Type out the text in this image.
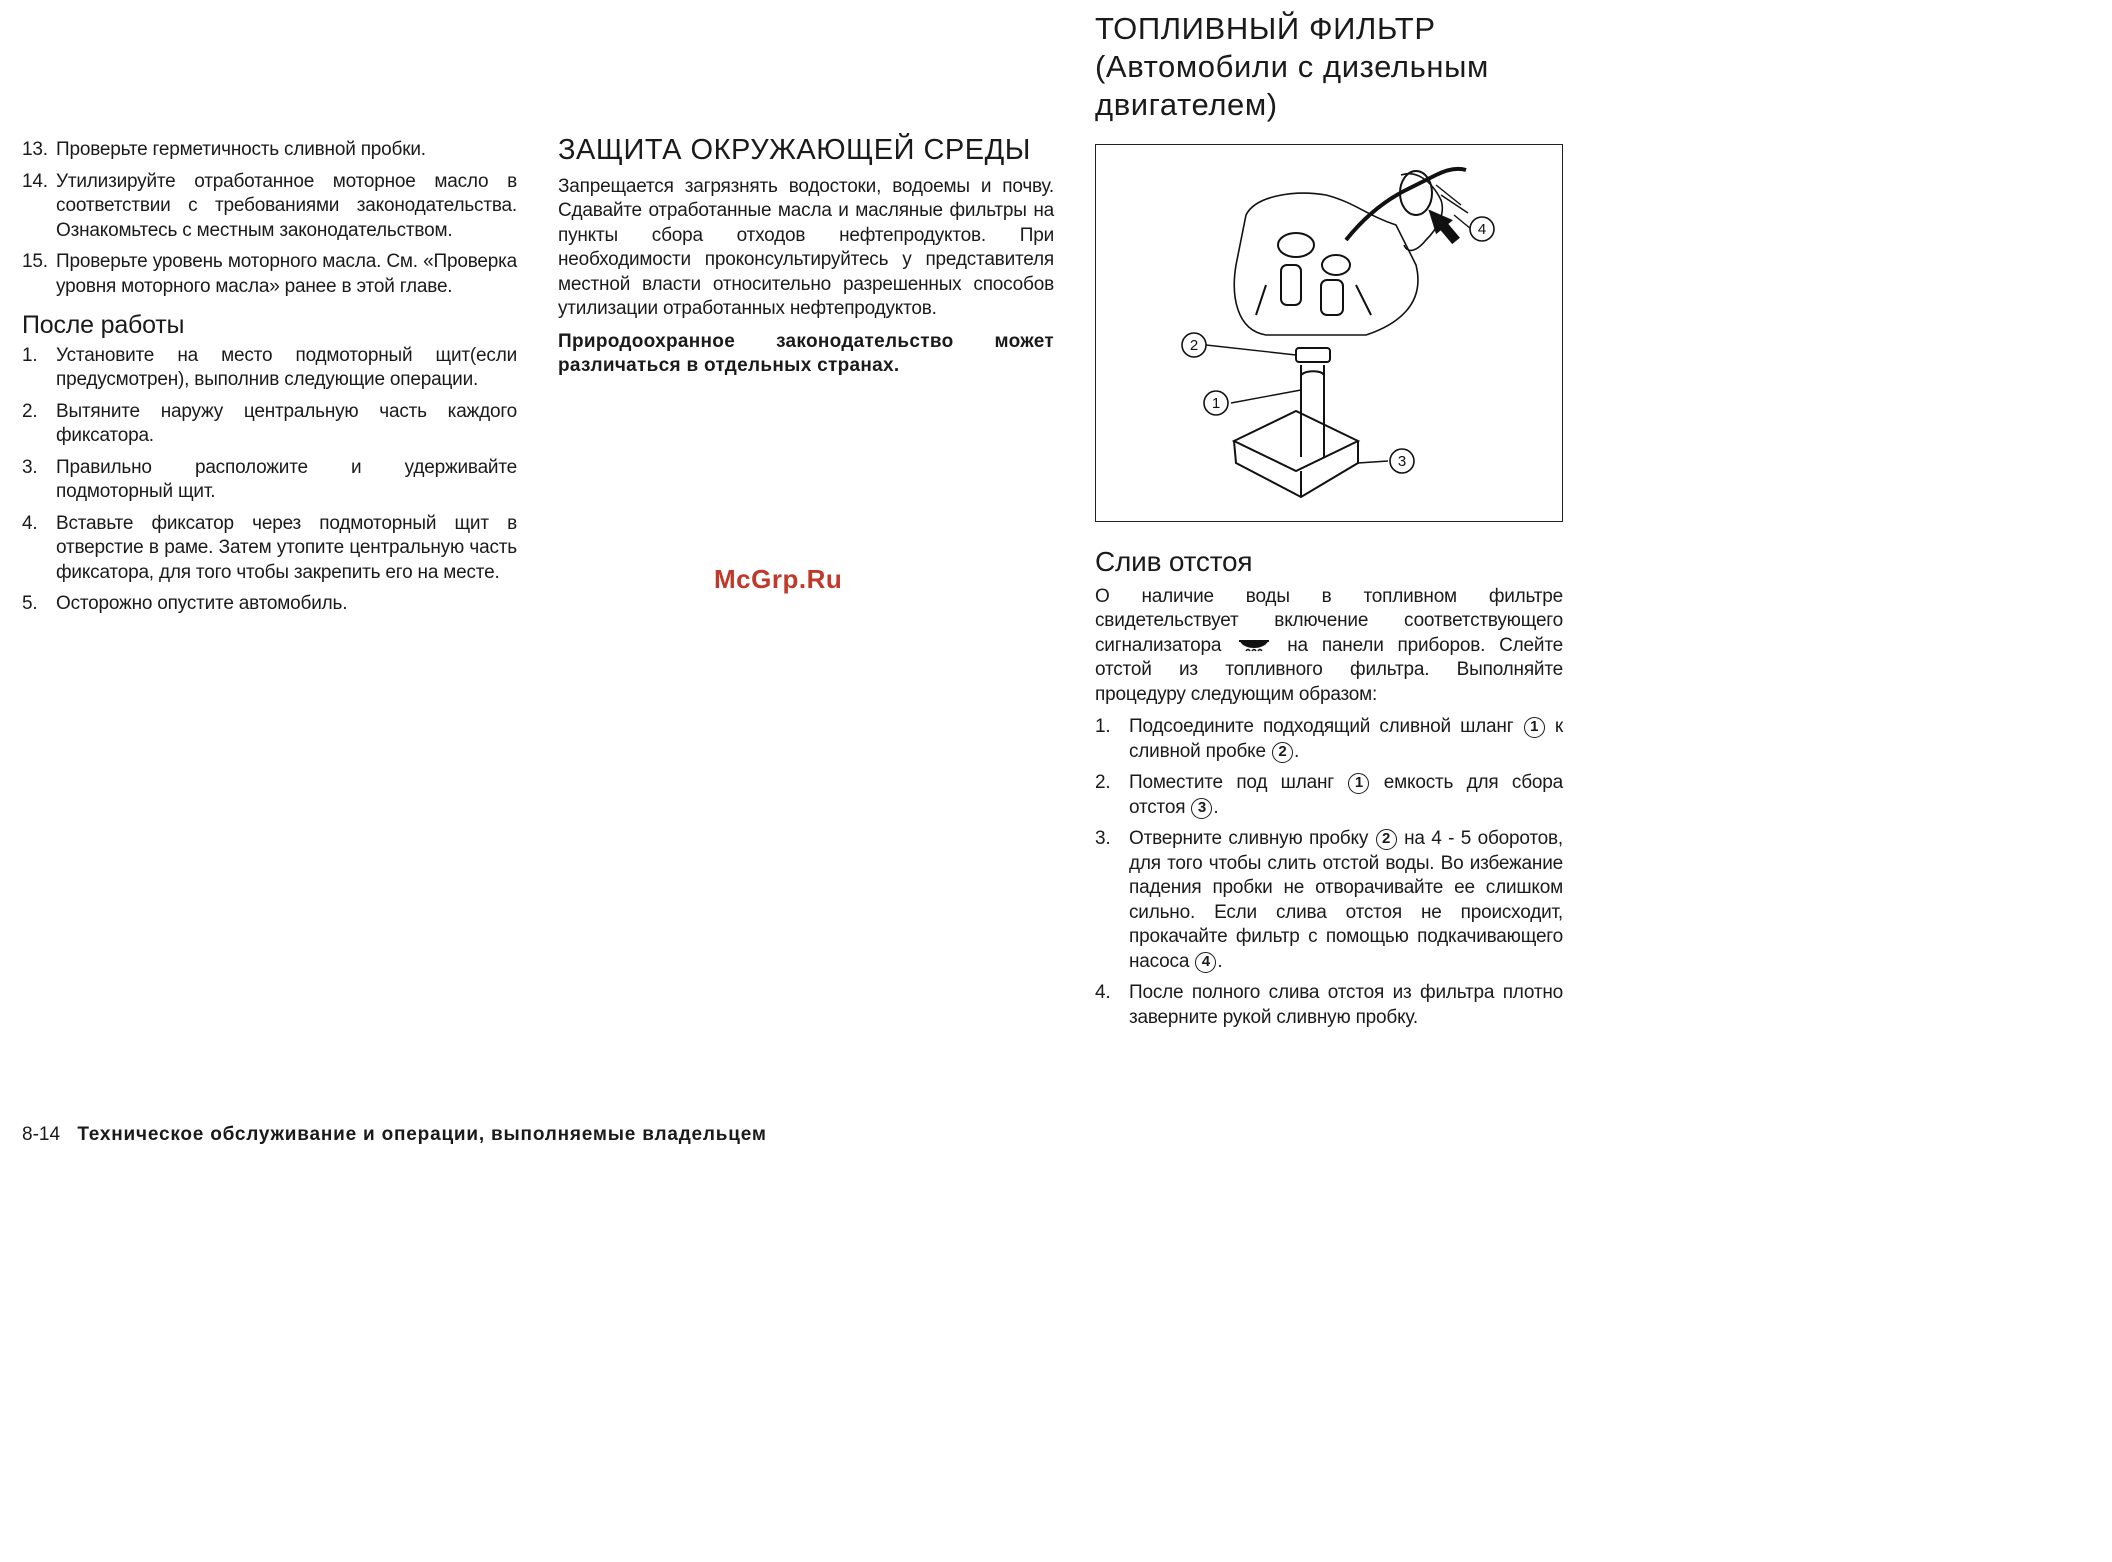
13. Проверьте герметичность сливной пробки.
14. Утилизируйте отработанное моторное масло в соответствии с требованиями законодательства. Ознакомьтесь с местным законодательством.
15. Проверьте уровень моторного масла. См. «Проверка уровня моторного масла» ранее в этой главе.
После работы
1. Установите на место подмоторный щит(если предусмотрен), выполнив следующие операции.
2. Вытяните наружу центральную часть каждого фиксатора.
3. Правильно расположите и удерживайте подмоторный щит.
4. Вставьте фиксатор через подмоторный щит в отверстие в раме. Затем утопите центральную часть фиксатора, для того чтобы закрепить его на месте.
5. Осторожно опустите автомобиль.
ЗАЩИТА ОКРУЖАЮЩЕЙ СРЕДЫ

Запрещается загрязнять водостоки, водоемы и почву. Сдавайте отработанные масла и масляные фильтры на пункты сбора отходов нефтепродуктов. При необходимости проконсультируйтесь у представителя местной власти относительно разрешенных способов утилизации отработанных нефтепродуктов.

Природоохранное законодательство может различаться в отдельных странах.

ТОПЛИВНЫЙ ФИЛЬТР
(Автомобили с дизельным
двигателем)
1
2
3
4
Слив отстоя

О наличие воды в топливном фильтре свидетельствует включение соответствующего сигнализатора	на панели приборов. Слейте отстой из топливного фильтра. Выполняйте процедуру следующим образом:

1. Подсоедините подходящий сливной шланг 1 к сливной пробке 2 .
2. Поместите под шланг 1 емкость для сбора отстоя 3 .
3. Отверните сливную пробку 2 на 4 - 5 оборотов, для того чтобы слить отстой воды. Во избежание падения пробки не отворачивайте ее слишком сильно. Если слива отстоя не происходит, прокачайте фильтр с помощью подкачивающего насоса 4 .
4. После полного слива отстоя из фильтра плотно заверните рукой сливную пробку.
McGrp.Ru
8-14 Техническое обслуживание и операции, выполняемые владельцем
